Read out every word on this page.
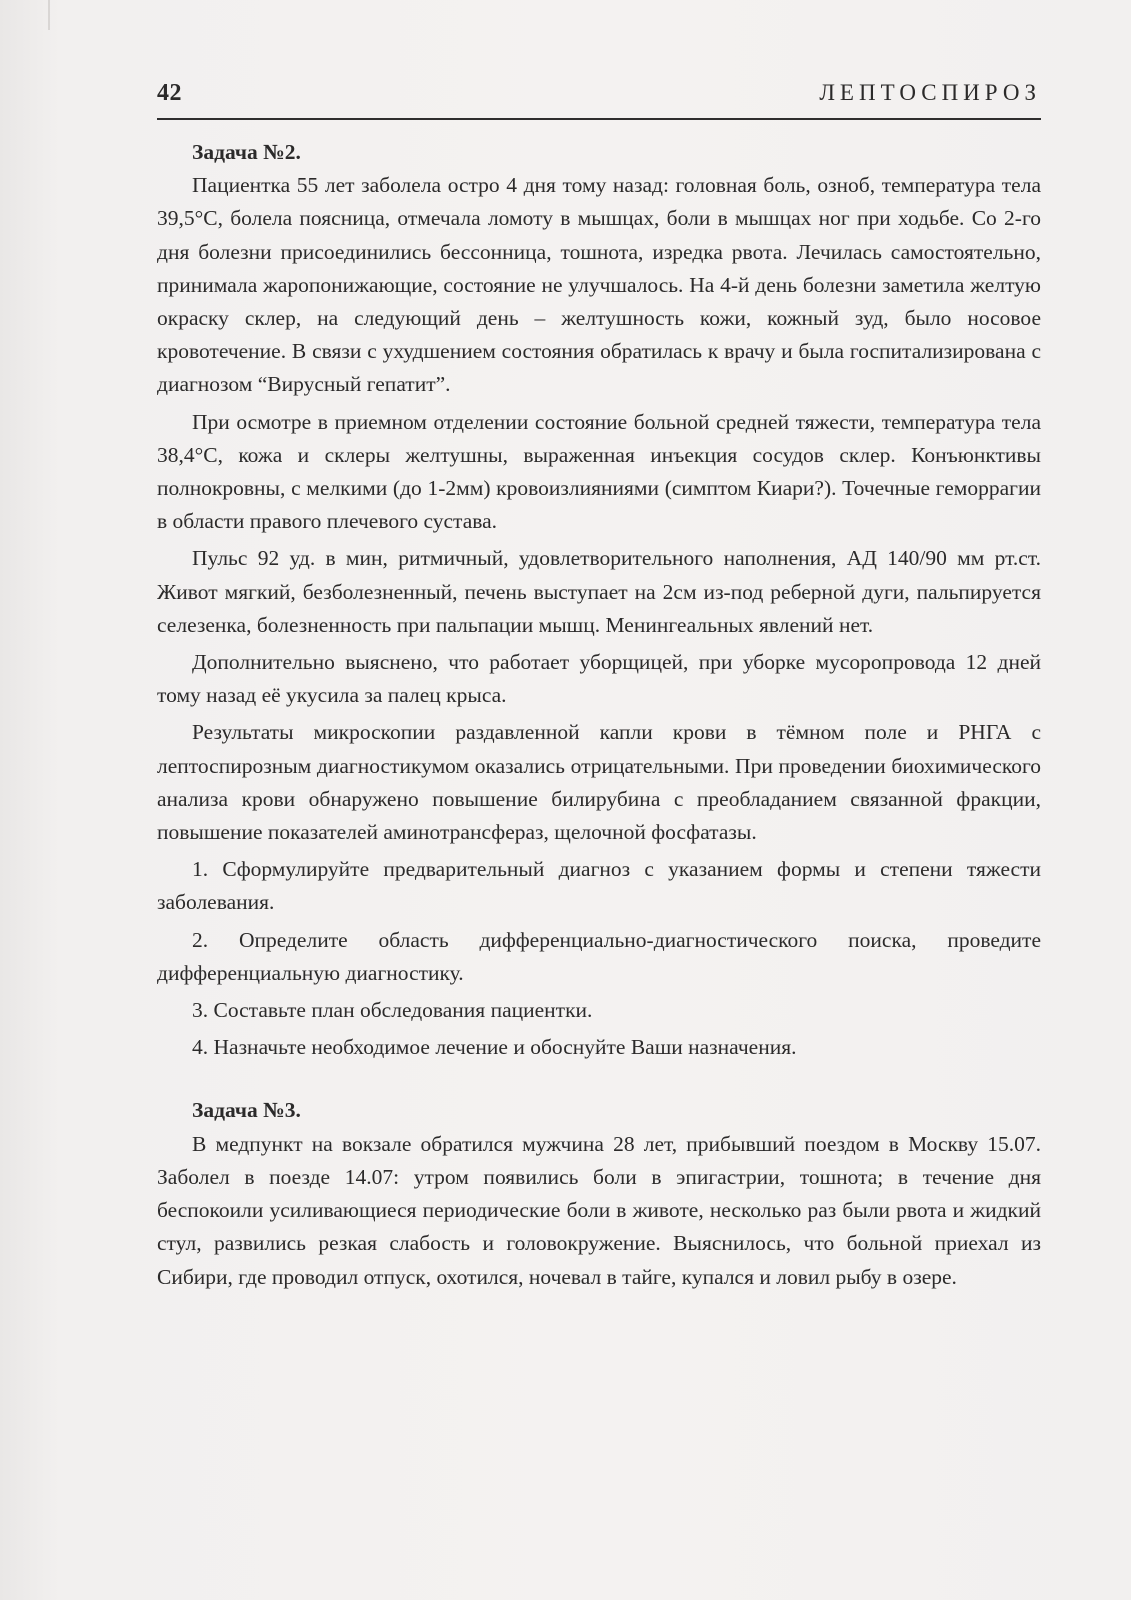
42	ЛЕПТОСПИРОЗ

Задача №2.

Пациентка 55 лет заболела остро 4 дня тому назад: головная боль, озноб, температура тела 39,5°С, болела поясница, отмечала ломоту в мышцах, боли в мышцах ног при ходьбе. Со 2-го дня болезни присоединились бессонница, тошнота, изредка рвота. Лечилась самостоятельно, принимала жаропонижающие, состояние не улучшалось. На 4-й день болезни заметила желтую окраску склер, на следующий день – желтушность кожи, кожный зуд, было носовое кровотечение. В связи с ухудшением состояния обратилась к врачу и была госпитализирована с диагнозом “Вирусный гепатит”.

При осмотре в приемном отделении состояние больной средней тяжести, температура тела 38,4°С, кожа и склеры желтушны, выраженная инъекция сосудов склер. Конъюнктивы полнокровны, с мелкими (до 1-2мм) кровоизлияниями (симптом Киари?). Точечные геморрагии в области правого плечевого сустава.

Пульс 92 уд. в мин, ритмичный, удовлетворительного наполнения, АД 140/90 мм рт.ст. Живот мягкий, безболезненный, печень выступает на 2см из-под реберной дуги, пальпируется селезенка, болезненность при пальпации мышц. Менингеальных явлений нет.

Дополнительно выяснено, что работает уборщицей, при уборке мусоропровода 12 дней тому назад её укусила за палец крыса.

Результаты микроскопии раздавленной капли крови в тёмном поле и РНГА с лептоспирозным диагностикумом оказались отрицательными. При проведении биохимического анализа крови обнаружено повышение билирубина с преобладанием связанной фракции, повышение показателей аминотрансфераз, щелочной фосфатазы.

1. Сформулируйте предварительный диагноз с указанием формы и степени тяжести заболевания.

2. Определите область дифференциально-диагностического поиска, проведите дифференциальную диагностику.

3. Составьте план обследования пациентки.

4. Назначьте необходимое лечение и обоснуйте Ваши назначения.

Задача №3.

В медпункт на вокзале обратился мужчина 28 лет, прибывший поездом в Москву 15.07. Заболел в поезде 14.07: утром появились боли в эпигастрии, тошнота; в течение дня беспокоили усиливающиеся периодические боли в животе, несколько раз были рвота и жидкий стул, развились резкая слабость и головокружение. Выяснилось, что больной приехал из Сибири, где проводил отпуск, охотился, ночевал в тайге, купался и ловил рыбу в озере.
